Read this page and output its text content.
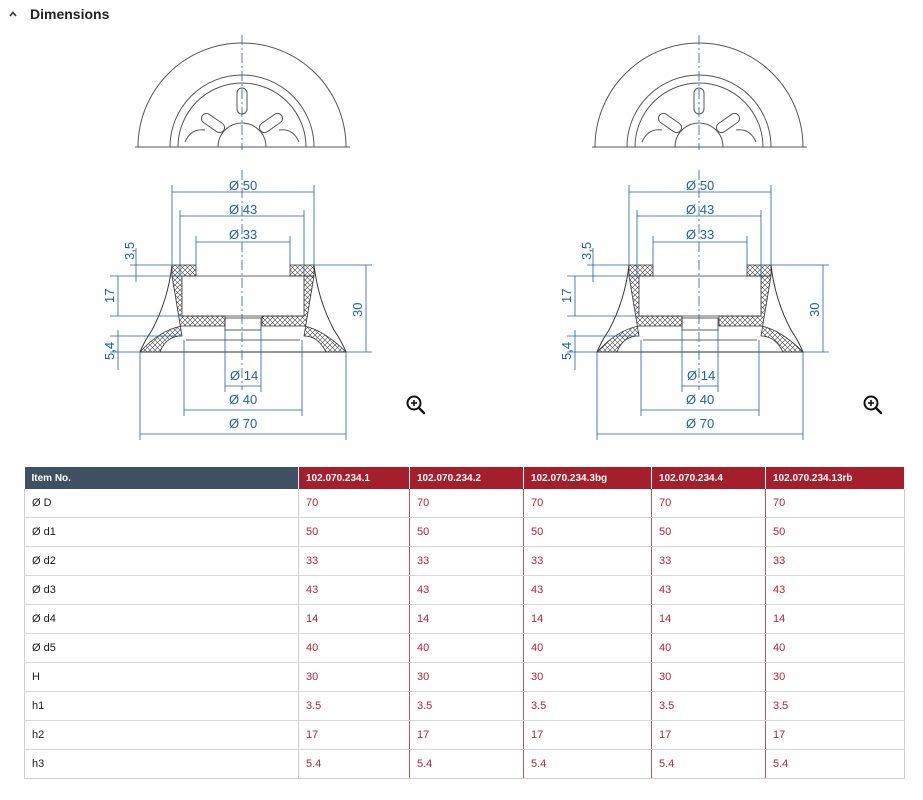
Dimensions
Ø 50
Ø 43
Ø 33
3,5
17
30
5,4
Ø 14
Ø 40
Ø 70
Ø 50
Ø 43
Ø 33
3,5
17
30
5,4
Ø 14
Ø 40
Ø 70
Item No.	102.070.234.1	102.070.234.2	102.070.234.3bg	102.070.234.4	102.070.234.13rb
Ø D	70	70	70	70	70
Ø d1	50	50	50	50	50
Ø d2	33	33	33	33	33
Ø d3	43	43	43	43	43
Ø d4	14	14	14	14	14
Ø d5	40	40	40	40	40
H	30	30	30	30	30
h1	3.5	3.5	3.5	3.5	3.5
h2	17	17	17	17	17
h3	5.4	5.4	5.4	5.4	5.4
